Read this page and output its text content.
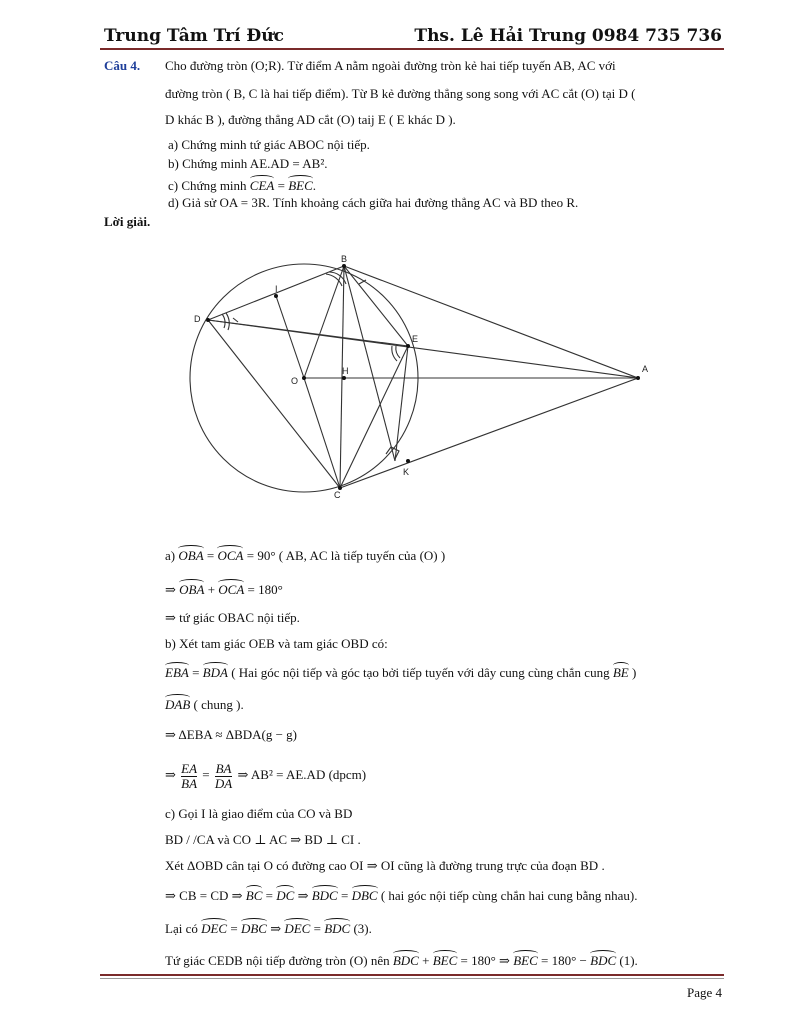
Trung Tâm Trí Đức	Ths. Lê Hải Trung 0984 735 736
Câu 4. Cho đường tròn (O;R). Từ điểm A nằm ngoài đường tròn kẻ hai tiếp tuyến AB, AC với
đường tròn ( B, C là hai tiếp điểm). Từ B kẻ đường thẳng song song với AC cắt (O) tại D (
D khác B ), đường thẳng AD cắt (O) taij E ( E khác D ).
a) Chứng minh tứ giác ABOC nội tiếp.
b) Chứng minh AE.AD = AB².
c) Chứng minh CEA = BEC.
d) Giả sử OA = 3R. Tính khoảng cách giữa hai đường thẳng AC và BD theo R.
Lời giải.
B
I
D
E
O
H	A
K
C
a) OBA = OCA = 90° ( AB, AC là tiếp tuyến của (O) )
⇒ OBA + OCA = 180°
⇒ tứ giác OBAC nội tiếp.
b) Xét tam giác OEB và tam giác OBD có:
EBA = BDA ( Hai góc nội tiếp và góc tạo bởi tiếp tuyến với dây cung cùng chắn cung BE )
DAB ( chung ).
⇒ ΔEBA ≈ ΔBDA(g − g)
⇒ $\frac{EA}{BA} = \frac{BA}{DA}$ ⇒ AB² = AE.AD (dpcm)
c) Gọi I là giao điểm của CO và BD
BD / /CA và CO ⊥ AC ⇒ BD ⊥ CI .
Xét ΔOBD cân tại O có đường cao OI ⇒ OI cũng là đường trung trực của đoạn BD .
⇒ CB = CD ⇒ BC = DC ⇒ BDC = DBC ( hai góc nội tiếp cùng chắn hai cung bằng nhau).
Lại có DEC = DBC ⇒ DEC = BDC (3).
Tứ giác CEDB nội tiếp đường tròn (O) nên BDC + BEC = 180° ⇒ BEC = 180° − BDC (1).
Page 4
